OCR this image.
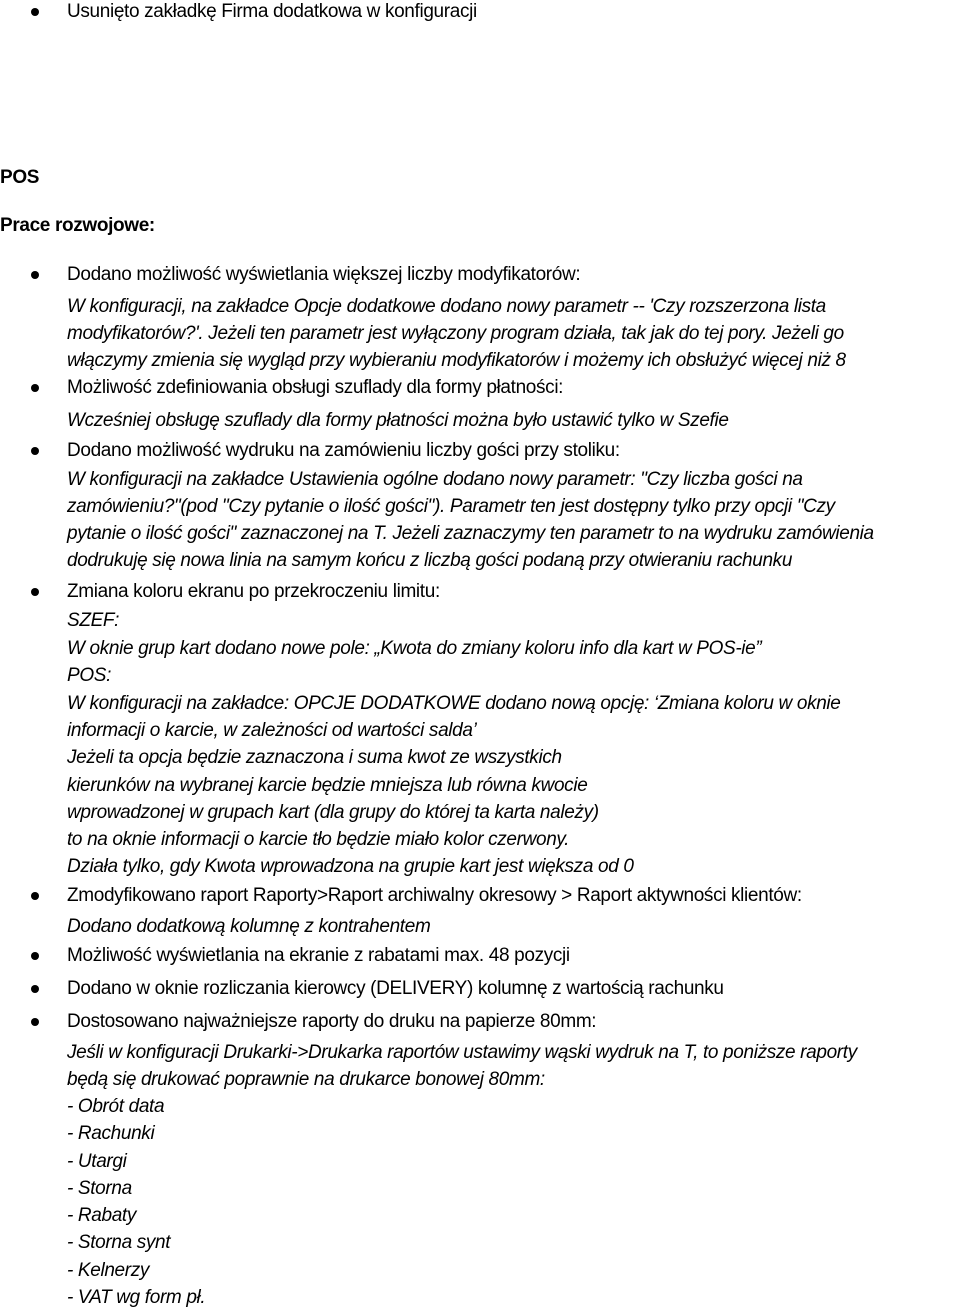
Usunięto zakładkę Firma dodatkowa w konfiguracji
POS
Prace rozwojowe:
Dodano możliwość wyświetlania większej liczby modyfikatorów:
W konfiguracji, na zakładce Opcje dodatkowe dodano nowy parametr -- 'Czy rozszerzona lista
modyfikatorów?'. Jeżeli ten parametr jest wyłączony program działa, tak jak do tej pory. Jeżeli go
włączymy zmienia się wygląd przy wybieraniu modyfikatorów i możemy ich obsłużyć więcej niż 8
Możliwość zdefiniowania obsługi szuflady dla formy płatności:
Wcześniej obsługę szuflady dla formy płatności można było ustawić tylko w Szefie
Dodano możliwość wydruku na zamówieniu liczby gości przy stoliku:
W konfiguracji na zakładce Ustawienia ogólne dodano nowy parametr: "Czy liczba gości na
zamówieniu?"(pod "Czy pytanie o ilość gości"). Parametr ten jest dostępny tylko przy opcji "Czy
pytanie o ilość gości" zaznaczonej na T. Jeżeli zaznaczymy ten parametr to na wydruku zamówienia
dodrukuję się nowa linia na samym końcu z liczbą gości podaną przy otwieraniu rachunku
Zmiana koloru ekranu po przekroczeniu limitu:
SZEF:
W oknie grup kart dodano nowe pole: „Kwota do zmiany koloru info dla kart w POS-ie”
POS:
W konfiguracji na zakładce: OPCJE DODATKOWE dodano nową opcję: ‘Zmiana koloru w oknie
informacji o karcie, w zależności od wartości salda’
Jeżeli ta opcja będzie zaznaczona i suma kwot ze wszystkich
kierunków na wybranej karcie będzie mniejsza lub równa kwocie
wprowadzonej w grupach kart (dla grupy do której ta karta należy)
to na oknie informacji o karcie tło będzie miało kolor czerwony.
Działa tylko, gdy Kwota wprowadzona na grupie kart jest większa od 0
Zmodyfikowano raport Raporty>Raport archiwalny okresowy > Raport aktywności klientów:
Dodano dodatkową kolumnę z kontrahentem
Możliwość wyświetlania na ekranie z rabatami max. 48 pozycji
Dodano w oknie rozliczania kierowcy (DELIVERY) kolumnę z wartością rachunku
Dostosowano najważniejsze raporty do druku na papierze 80mm:
Jeśli w konfiguracji Drukarki->Drukarka raportów ustawimy wąski wydruk na T, to poniższe raporty
będą się drukować poprawnie na drukarce bonowej 80mm:
- Obrót data
- Rachunki
- Utargi
- Storna
- Rabaty
- Storna synt
- Kelnerzy
- VAT wg form pł.
